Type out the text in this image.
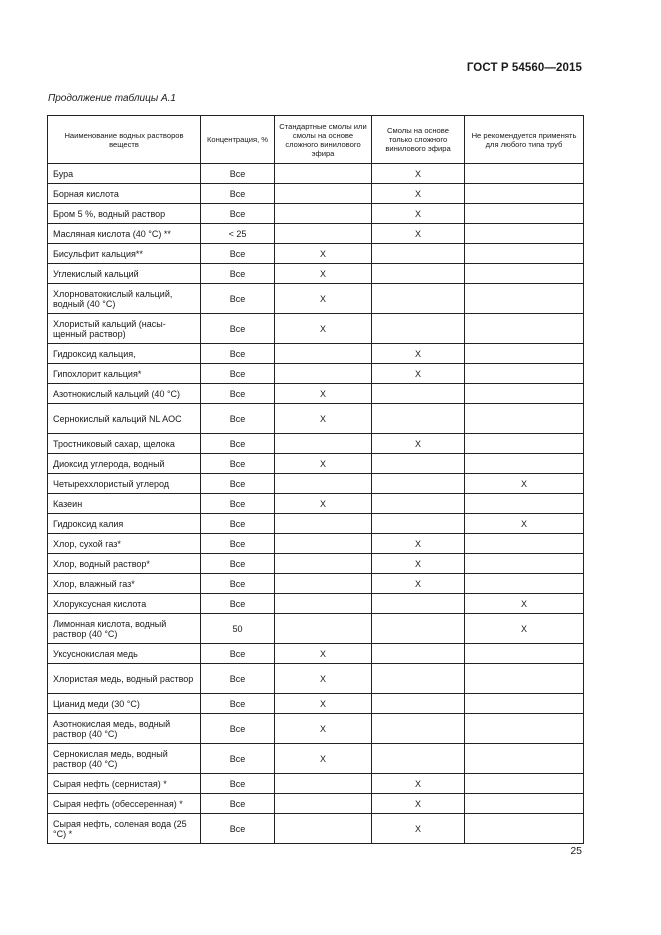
ГОСТ Р 54560—2015
Продолжение таблицы А.1
Наименование водных растворов веществ	Концентрация, %	Стандартные смолы или смолы на основе сложного винилового эфира	Смолы на основе только сложного винилового эфира	Не рекомендуется применять для любого типа труб
Бура	Все		X	
Борная кислота	Все		X	
Бром 5 %, водный раствор	Все		X	
Масляная кислота (40 °С) **	< 25		X	
Бисульфит кальция**	Все	X		
Углекислый кальций	Все	X		
Хлорноватокислый кальций, водный (40 °С)	Все	X		
Хлористый кальций (насыщенный раствор)	Все	X		
Гидроксид кальция,	Все		X	
Гипохлорит кальция*	Все		X	
Азотнокислый кальций (40 °С)	Все	X		
Сернокислый кальций NL AOC	Все	X		
Тростниковый сахар, щелока	Все		X	
Диоксид углерода, водный	Все	X		
Четыреххлористый углерод	Все			X
Казеин	Все	X		
Гидроксид калия	Все			X
Хлор, сухой газ*	Все		X	
Хлор, водный раствор*	Все		X	
Хлор, влажный газ*	Все		X	
Хлоруксусная кислота	Все			X
Лимонная кислота, водный раствор (40 °С)	50			X
Уксуснокислая медь	Все	X		
Хлористая медь, водный раствор	Все	X		
Цианид меди (30 °С)	Все	X		
Азотнокислая медь, водный раствор (40 °С)	Все	X		
Сернокислая медь, водный раствор (40 °С)	Все	X		
Сырая нефть (сернистая) *	Все		X	
Сырая нефть (обессеренная) *	Все		X	
Сырая нефть, соленая вода (25 °С) *	Все		X	
25
